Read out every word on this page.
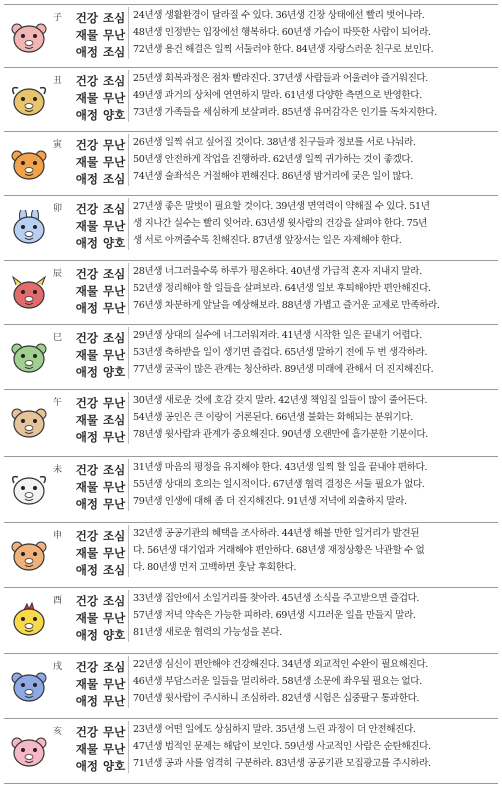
子	건강 조심
재물 무난
애정 조심
24년생 생활환경이 달라질 수 있다. 36년생 긴장 상태에선 빨리 벗어나라.
48년생 인정받는 입장에선 행복하다. 60년생 가슴이 따뜻한 사람이 되어라.
72년생 용건 해결은 일찍 서둘러야 한다. 84년생 자랑스러운 친구로 보인다.
丑	건강 조심
재물 무난
애정 양호
25년생 회복과정은 점차 빨라진다. 37년생 사람들과 어울려야 즐거워진다.
49년생 과거의 상처에 연연하지 말라. 61년생 다양한 측면으로 반영한다.
73년생 가족들을 세심하게 보살펴라. 85년생 유머감각은 인기를 독차지한다.
寅	건강 무난
재물 무난
애정 조심
26년생 일찍 쉬고 싶어질 것이다. 38년생 친구들과 정보를 서로 나눠라.
50년생 안전하게 작업을 진행하라. 62년생 일찍 귀가하는 것이 좋겠다.
74년생 술좌석은 거절해야 편해진다. 86년생 밤거리에 궂은 일이 많다.
卯	건강 조심
재물 무난
애정 양호
27년생 좋은 말벗이 필요할 것이다. 39년생 면역력이 약해질 수 있다. 51년
생 지나간 실수는 빨리 잊어라. 63년생 윗사람의 건강을 살펴야 한다. 75년
생 서로 아껴줄수록 친해진다. 87년생 앞장서는 일은 자제해야 한다.
辰	건강 조심
재물 무난
애정 무난
28년생 너그러울수록 하루가 평온하다. 40년생 가급적 혼자 지내지 말라.
52년생 정리해야 할 일들을 살펴보라. 64년생 일보 후퇴해야만 편안해진다.
76년생 차분하게 앞날을 예상해보라. 88년생 가볍고 즐거운 교제로 만족하라.
巳	건강 조심
재물 무난
애정 양호
29년생 상대의 실수에 너그러워져라. 41년생 시작한 일은 끝내기 어렵다.
53년생 축하받을 일이 생기면 즐겁다. 65년생 말하기 전에 두 번 생각하라.
77년생 굴곡이 많은 관계는 청산하라. 89년생 미래에 관해서 더 진지해진다.
午	건강 무난
재물 조심
애정 무난
30년생 새로운 것에 호감 갖지 말라. 42년생 책임질 일들이 많이 줄어든다.
54년생 공인은 큰 이랑이 거론된다. 66년생 불화는 화해되는 분위기다.
78년생 윗사람과 관계가 중요해진다. 90년생 오랜만에 흘가분한 기분이다.
未	건강 조심
재물 무난
애정 무난
31년생 마음의 평정을 유지해야 한다. 43년생 일찍 할 일을 끝내야 편하다.
55년생 상대의 호의는 일시적이다. 67년생 협력 결정은 서둘 필요가 없다.
79년생 인생에 대해 좀 더 진지해진다. 91년생 저녁에 외출하지 말라.
申	건강 조심
재물 무난
애정 조심
32년생 공공기관의 혜택을 조사하라. 44년생 해볼 만한 일거리가 발견된
다. 56년생 대기업과 거래해야 편안하다. 68년생 재정상황은 낙관할 수 없
다. 80년생 먼저 고백하면 훗날 후회한다.
酉	건강 조심
재물 무난
애정 양호
33년생 집안에서 소일거리를 찾아라. 45년생 소식을 주고받으면 즐겁다.
57년생 저녁 약속은 가능한 피하라. 69년생 시끄러운 일을 만들지 말라.
81년생 새로운 협력의 가능성을 본다.
戌	건강 조심
재물 무난
애정 무난
22년생 심신이 편안해야 건강해진다. 34년생 외교적인 수완이 필요해진다.
46년생 부담스러운 일들을 멀리하라. 58년생 소문에 좌우될 필요는 없다.
70년생 윗사람이 주시하니 조심하라. 82년생 시험은 십중팔구 통과한다.
亥	건강 무난
재물 무난
애정 양호
23년생 어떤 일에도 상심하지 말라. 35년생 느린 과정이 더 안전해진다.
47년생 법적인 문제는 해답이 보인다. 59년생 사교적인 사람은 순탄해진다.
71년생 공과 사를 엄격히 구분하라. 83년생 공공기관 모집광고를 주시하라.
